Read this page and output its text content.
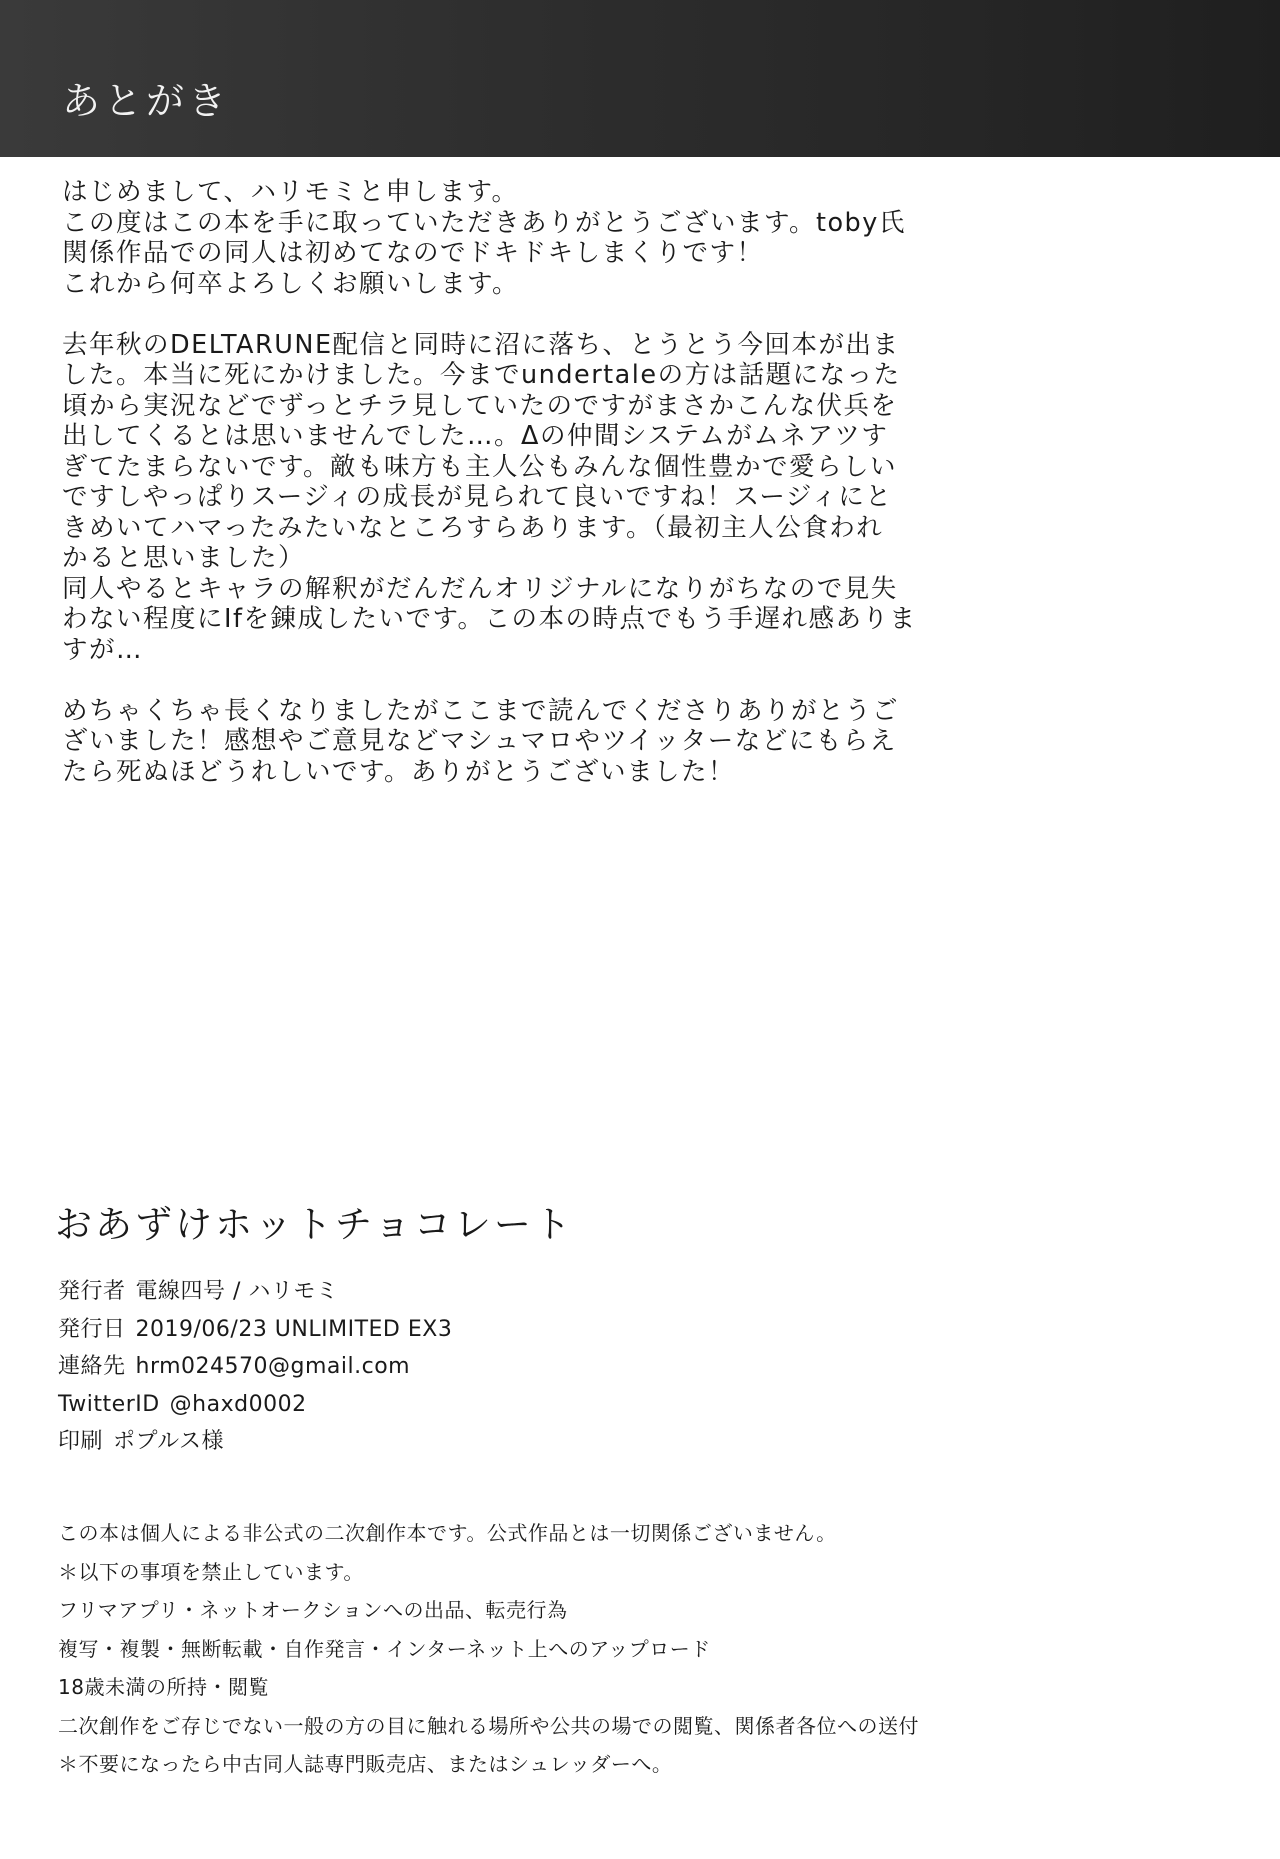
あとがき
はじめまして、ハリモミと申します。
この度はこの本を手に取っていただきありがとうございます。toby氏
関係作品での同人は初めてなのでドキドキしまくりです！
これから何卒よろしくお願いします。
去年秋のDELTARUNE配信と同時に沼に落ち、とうとう今回本が出ま
した。本当に死にかけました。今までundertaleの方は話題になった
頃から実況などでずっとチラ見していたのですがまさかこんな伏兵を
出してくるとは思いませんでした…。Δの仲間システムがムネアツす
ぎてたまらないです。敵も味方も主人公もみんな個性豊かで愛らしい
ですしやっぱりスージィの成長が見られて良いですね！スージィにと
きめいてハマったみたいなところすらあります。（最初主人公食われ
かると思いました）
同人やるとキャラの解釈がだんだんオリジナルになりがちなので見失
わない程度にIfを錬成したいです。この本の時点でもう手遅れ感ありま
すが…
めちゃくちゃ長くなりましたがここまで読んでくださりありがとうご
ざいました！感想やご意見などマシュマロやツイッターなどにもらえ
たら死ぬほどうれしいです。ありがとうございました！
おあずけホットチョコレート
発行者 電線四号 / ハリモミ
発行日 2019/06/23 UNLIMITED EX3
連絡先 hrm024570@gmail.com
TwitterID @haxd0002
印刷 ポプルス様
この本は個人による非公式の二次創作本です。公式作品とは一切関係ございません。
＊以下の事項を禁止しています。
フリマアプリ・ネットオークションへの出品、転売行為
複写・複製・無断転載・自作発言・インターネット上へのアップロード
18歳未満の所持・閲覧
二次創作をご存じでない一般の方の目に触れる場所や公共の場での閲覧、関係者各位への送付
＊不要になったら中古同人誌専門販売店、またはシュレッダーへ。
